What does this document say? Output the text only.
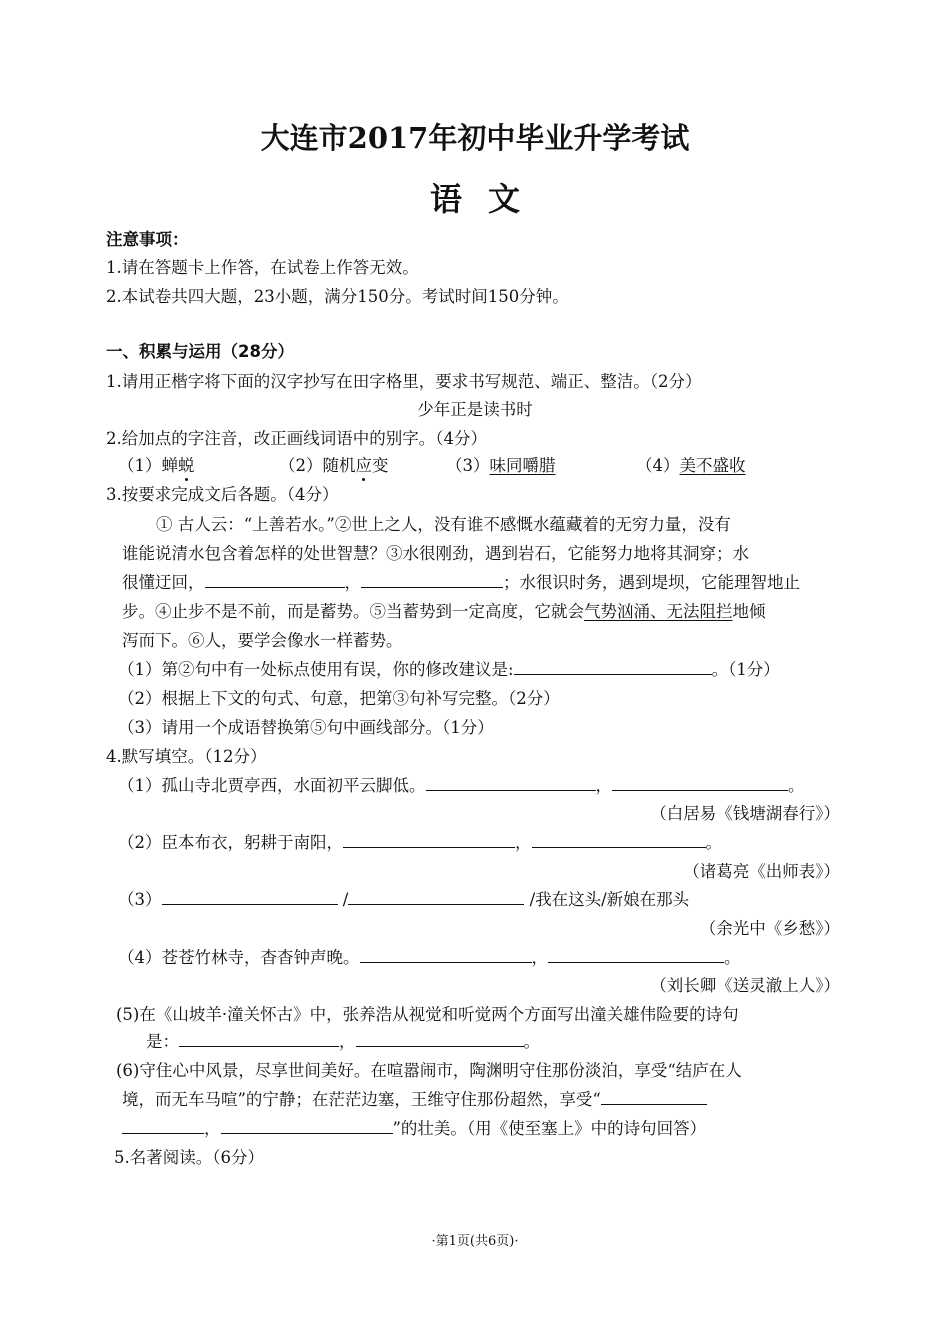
大连市2017年初中毕业升学考试
语文
注意事项：
1.请在答题卡上作答，在试卷上作答无效。
2.本试卷共四大题，23小题，满分150分。考试时间150分钟。
一、积累与运用（28分）
1.请用正楷字将下面的汉字抄写在田字格里，要求书写规范、端正、整洁。（2分）
少年正是读书时
2.给加点的字注音，改正画线词语中的别字。（4分）
（1）蝉蜕	（2）随机应变	（3）味同嚼腊	（4）美不盛收
3.按要求完成文后各题。（4分）
① 古人云：“上善若水。”②世上之人，没有谁不感慨水蕴藏着的无穷力量，没有
谁能说清水包含着怎样的处世智慧？③水很刚劲，遇到岩石，它能努力地将其洞穿；水
很懂迂回，	，	；水很识时务，遇到堤坝，它能理智地止
步。④止步不是不前，而是蓄势。⑤当蓄势到一定高度，它就会气势汹涌、无法阻拦地倾
泻而下。⑥人，要学会像水一样蓄势。
（1）第②句中有一处标点使用有误，你的修改建议是:	。（1分）
（2）根据上下文的句式、句意，把第③句补写完整。（2分）
（3）请用一个成语替换第⑤句中画线部分。（1分）
4.默写填空。（12分）
（1）孤山寺北贾亭西，水面初平云脚低。	，	。
（白居易《钱塘湖春行》）
（2）臣本布衣，躬耕于南阳，	，	。
（诸葛亮《出师表》）
（3）	/	/我在这头/新娘在那头
（余光中《乡愁》）
（4）苍苍竹林寺，杳杳钟声晚。	，	。
（刘长卿《送灵澈上人》）
(5)在《山坡羊·潼关怀古》中，张养浩从视觉和听觉两个方面写出潼关雄伟险要的诗句
是：	，	。
(6)守住心中风景，尽享世间美好。在喧嚣闹市，陶渊明守住那份淡泊，享受“结庐在人
境，而无车马喧”的宁静；在茫茫边塞，王维守住那份超然，享受“
，	”的壮美。（用《使至塞上》中的诗句回答）
5.名著阅读。（6分）
·第1页(共6页)·
